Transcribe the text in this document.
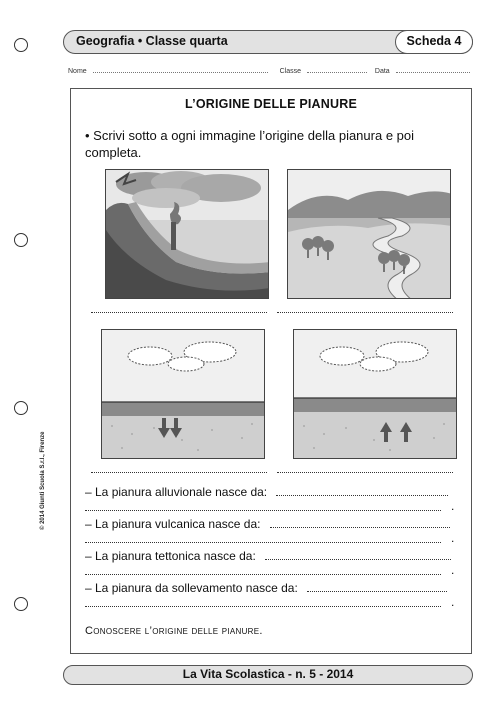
Geografia • Classe quarta	Scheda 4
Nome	Classe	Data
L’ORIGINE DELLE PIANURE
• Scrivi sotto a ogni immagine l’origine della pianura e poi completa.
– La pianura alluvionale nasce da:
.
– La pianura vulcanica nasce da:
.
– La pianura tettonica nasce da:
.
– La pianura da sollevamento nasce da:
.
Conoscere l’origine delle pianure.
© 2014 Giunti Scuola S.r.l., Firenze
La Vita Scolastica - n. 5 - 2014
